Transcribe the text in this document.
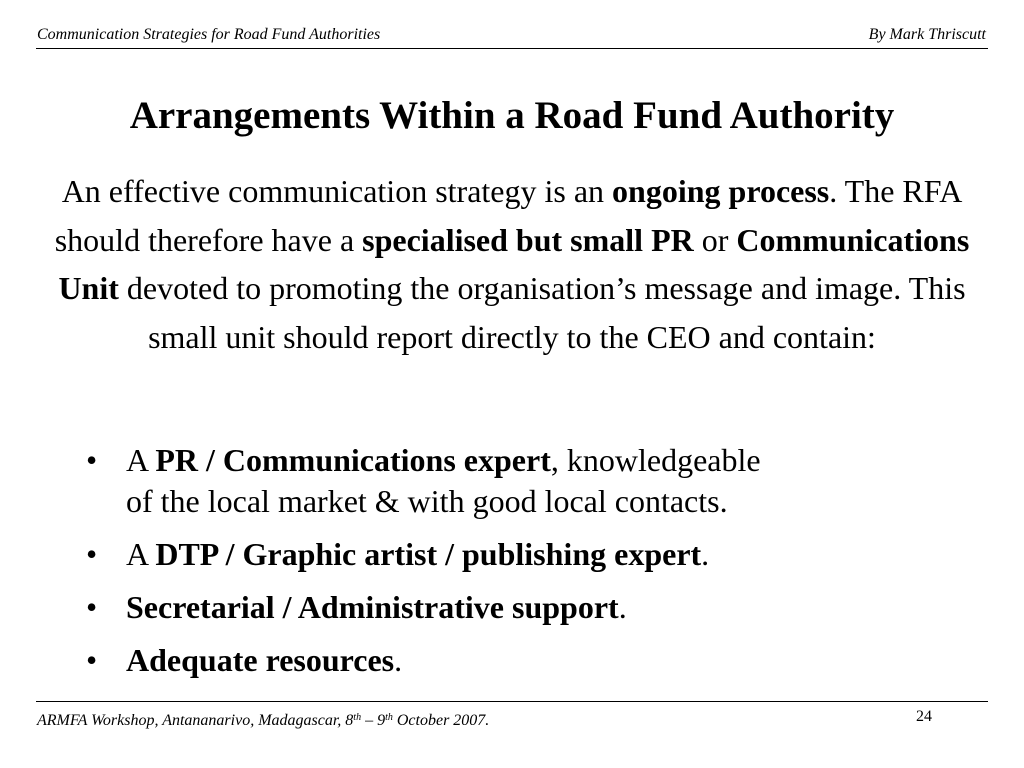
Communication Strategies for Road Fund Authorities	By Mark Thriscutt
Arrangements Within a Road Fund Authority

An effective communication strategy is an ongoing process. The RFA should therefore have a specialised but small PR or Communications Unit devoted to promoting the organisation’s message and image. This small unit should report directly to the CEO and contain:

• A PR / Communications expert, knowledgeable
of the local market & with good local contacts.
• A DTP / Graphic artist / publishing expert.
• Secretarial / Administrative support.
• Adequate resources.
ARMFA Workshop, Antananarivo, Madagascar, 8th – 9th October 2007.	24
